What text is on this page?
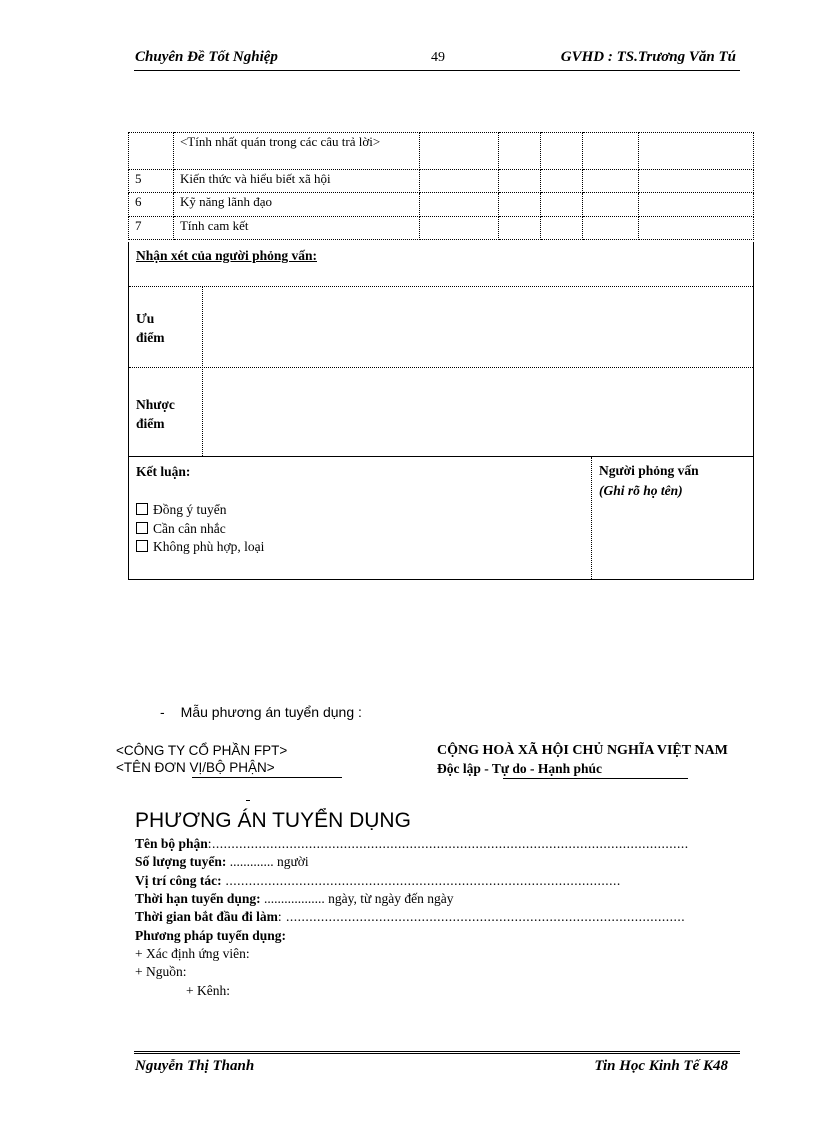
Chuyên Đề Tốt Nghiệp	49	GVHD : TS.Trương Văn Tú
	<Tính nhất quán trong các câu trả lời>					
5	Kiến thức và hiểu biết xã hội					
6	Kỹ năng lãnh đạo					
7	Tính cam kết					
Nhận xét của người phỏng vấn:
Ưu điểm
Nhược điểm
Kết luận:
Đồng ý tuyển
Cần cân nhắc
Không phù hợp, loại
Người phỏng vấn
(Ghi rõ họ tên)
- Mẫu phương án tuyển dụng :
<CÔNG TY CỔ PHẦN FPT>
<TÊN ĐƠN VỊ/BỘ PHẬN>
CỘNG HOÀ XÃ HỘI CHỦ NGHĨA VIỆT NAM
Độc lập - Tự do - Hạnh phúc
PHƯƠNG ÁN TUYỂN DỤNG
Tên bộ phận:...........................................................................................................................
Số lượng tuyển: ............. người
Vị trí công tác: ......................................................................................................
Thời hạn tuyển dụng: .................. ngày, từ ngày đến ngày
Thời gian bắt đầu đi làm: .......................................................................................................
Phương pháp tuyển dụng:
+ Xác định ứng viên:
+ Nguồn:
+ Kênh:
Nguyễn Thị Thanh	Tin Học Kinh Tế K48
